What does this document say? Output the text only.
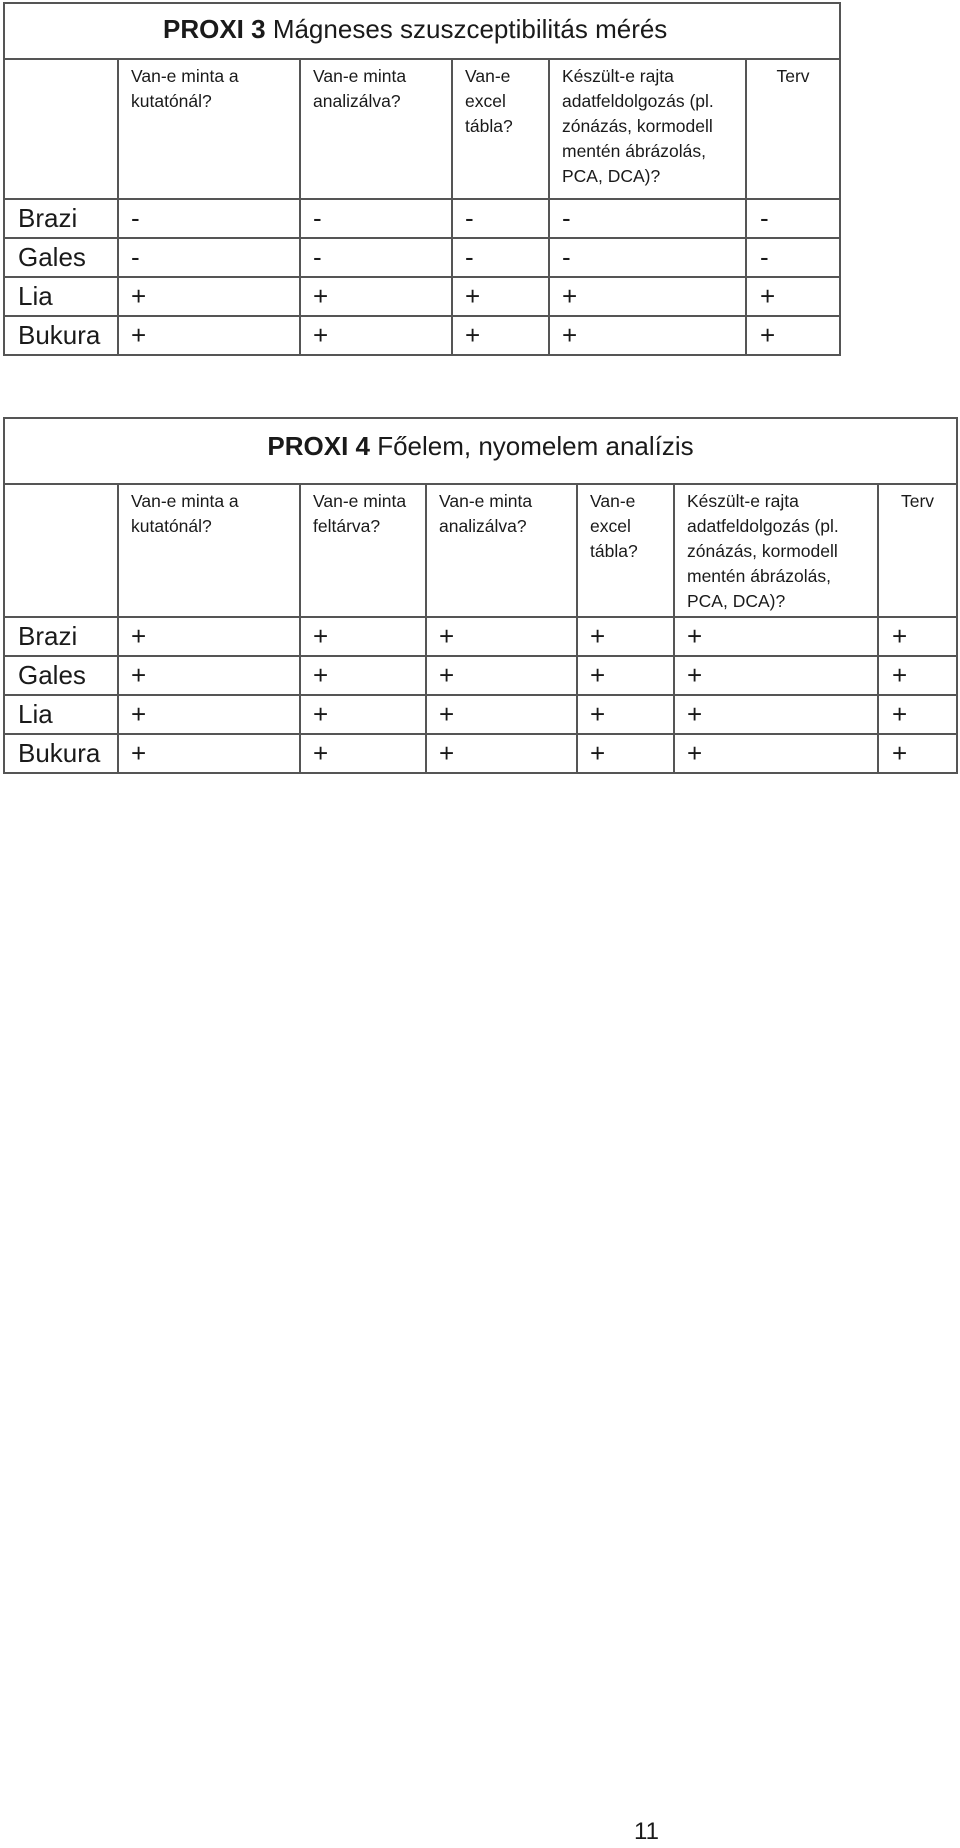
PROXI 3 Mágneses szuszceptibilitás mérés					
	Van-e minta a kutatónál?	Van-e minta analizálva?	Van-e excel tábla?	Készült-e rajta adatfeldolgozás (pl. zónázás, kormodell mentén ábrázolás, PCA, DCA)?	Terv
Brazi	-	-	-	-	-
Gales	-	-	-	-	-
Lia	+	+	+	+	+
Bukura	+	+	+	+	+
PROXI 4 Főelem, nyomelem analízis						
	Van-e minta a kutatónál?	Van-e minta feltárva?	Van-e minta analizálva?	Van-e excel tábla?	Készült-e rajta adatfeldolgozás (pl. zónázás, kormodell mentén ábrázolás, PCA, DCA)?	Terv
Brazi	+	+	+	+	+	+
Gales	+	+	+	+	+	+
Lia	+	+	+	+	+	+
Bukura	+	+	+	+	+	+
11
